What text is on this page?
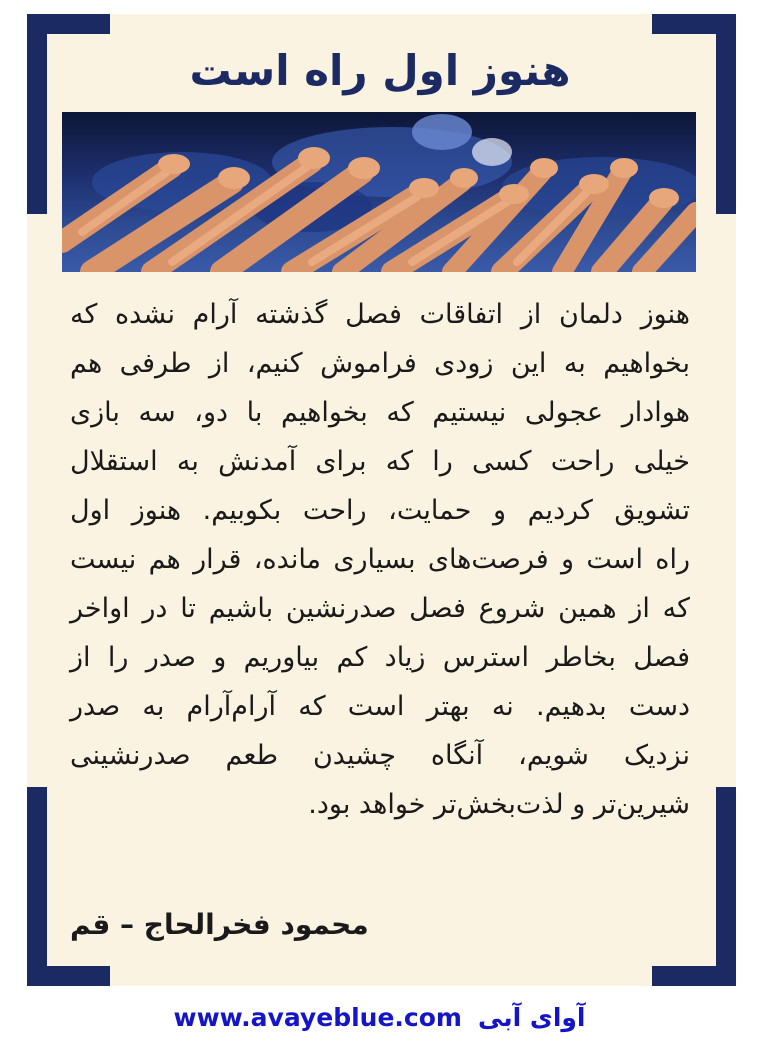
هنوز اول راه است
هنوز دلمان از اتفاقات فصل گذشته آرام نشده که
بخواهیم به این زودی فراموش کنیم، از طرفی هم
هوادار عجولی نیستیم که بخواهیم با دو، سه بازی
خیلی راحت کسی را که برای آمدنش به استقلال
تشویق کردیم و حمایت، راحت بکوبیم. هنوز اول
راه است و فرصت‌های بسیاری مانده، قرار هم نیست
که از همین شروع فصل صدرنشین باشیم تا در اواخر
فصل بخاطر استرس زیاد کم بیاوریم و صدر را از
دست بدهیم. نه بهتر است که آرام‌آرام به صدر
نزدیک شویم، آنگاه چشیدن طعم صدرنشینی
شیرین‌تر و لذت‌بخش‌تر خواهد بود.
محمود فخرالحاج – قم
www.avayeblue.com آوای آبی
